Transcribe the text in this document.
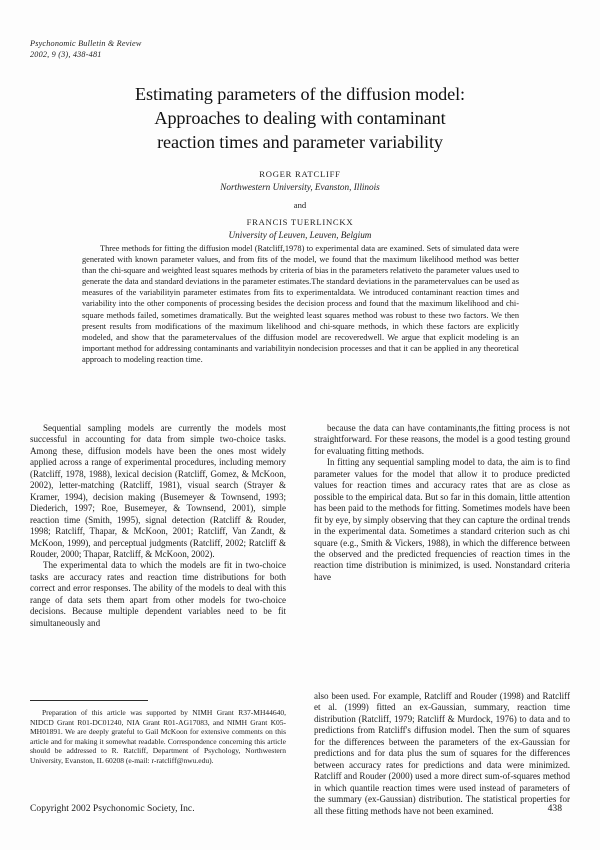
Psychonomic Bulletin & Review
2002, 9 (3), 438-481
Estimating parameters of the diffusion model:
Approaches to dealing with contaminant
reaction times and parameter variability
ROGER RATCLIFF
Northwestern University, Evanston, Illinois
and
FRANCIS TUERLINCKX
University of Leuven, Leuven, Belgium
Three methods for fitting the diffusion model (Ratcliff,1978) to experimental data are examined. Sets of simulated data were generated with known parameter values, and from fits of the model, we found that the maximum likelihood method was better than the chi-square and weighted least squares methods by criteria of bias in the parameters relativeto the parameter values used to generate the data and standard deviations in the parameter estimates.The standard deviations in the parametervalues can be used as measures of the variabilityin parameter estimates from fits to experimentaldata. We introduced contaminant reaction times and variability into the other components of processing besides the decision process and found that the maximum likelihood and chi-square methods failed, sometimes dramatically. But the weighted least squares method was robust to these two factors. We then present results from modifications of the maximum likelihood and chi-square methods, in which these factors are explicitly modeled, and show that the parametervalues of the diffusion model are recoveredwell. We argue that explicit modeling is an important method for addressing contaminants and variabilityin nondecision processes and that it can be applied in any theoretical approach to modeling reaction time.

Sequential sampling models are currently the models most successful in accounting for data from simple two-choice tasks. Among these, diffusion models have been the ones most widely applied across a range of experimental procedures, including memory (Ratcliff, 1978, 1988), lexical decision (Ratcliff, Gomez, & McKoon, 2002), letter-matching (Ratcliff, 1981), visual search (Strayer & Kramer, 1994), decision making (Busemeyer & Townsend, 1993; Diederich, 1997; Roe, Busemeyer, & Townsend, 2001), simple reaction time (Smith, 1995), signal detection (Ratcliff & Rouder, 1998; Ratcliff, Thapar, & McKoon, 2001; Ratcliff, Van Zandt, & McKoon, 1999), and perceptual judgments (Ratcliff, 2002; Ratcliff & Rouder, 2000; Thapar, Ratcliff, & McKoon, 2002).

The experimental data to which the models are fit in two-choice tasks are accuracy rates and reaction time distributions for both correct and error responses. The ability of the models to deal with this range of data sets them apart from other models for two-choice decisions. Because multiple dependent variables need to be fit simultaneously and

because the data can have contaminants,the fitting process is not straightforward. For these reasons, the model is a good testing ground for evaluating fitting methods.

In fitting any sequential sampling model to data, the aim is to find parameter values for the model that allow it to produce predicted values for reaction times and accuracy rates that are as close as possible to the empirical data. But so far in this domain, little attention has been paid to the methods for fitting. Sometimes models have been fit by eye, by simply observing that they can capture the ordinal trends in the experimental data. Sometimes a standard criterion such as chi square (e.g., Smith & Vickers, 1988), in which the difference between the observed and the predicted frequencies of reaction times in the reaction time distribution is minimized, is used. Nonstandard criteria have

also been used. For example, Ratcliff and Rouder (1998) and Ratcliff et al. (1999) fitted an ex-Gaussian, summary, reaction time distribution (Ratcliff, 1979; Ratcliff & Murdock, 1976) to data and to predictions from Ratcliff's diffusion model. Then the sum of squares for the differences between the parameters of the ex-Gaussian for predictions and for data plus the sum of squares for the differences between accuracy rates for predictions and data were minimized. Ratcliff and Rouder (2000) used a more direct sum-of-squares method in which quantile reaction times were used instead of parameters of the summary (ex-Gaussian) distribution. The statistical properties for all these fitting methods have not been examined.

Preparation of this article was supported by NIMH Grant R37-MH44640, NIDCD Grant R01-DC01240, NIA Grant R01-AG17083, and NIMH Grant K05-MH01891. We are deeply grateful to Gail McKoon for extensive comments on this article and for making it somewhat readable. Correspondence concerning this article should be addressed to R. Ratcliff, Department of Psychology, Northwestern University, Evanston, IL 60208 (e-mail: r-ratcliff@nwu.edu).
Copyright 2002 Psychonomic Society, Inc.	438
